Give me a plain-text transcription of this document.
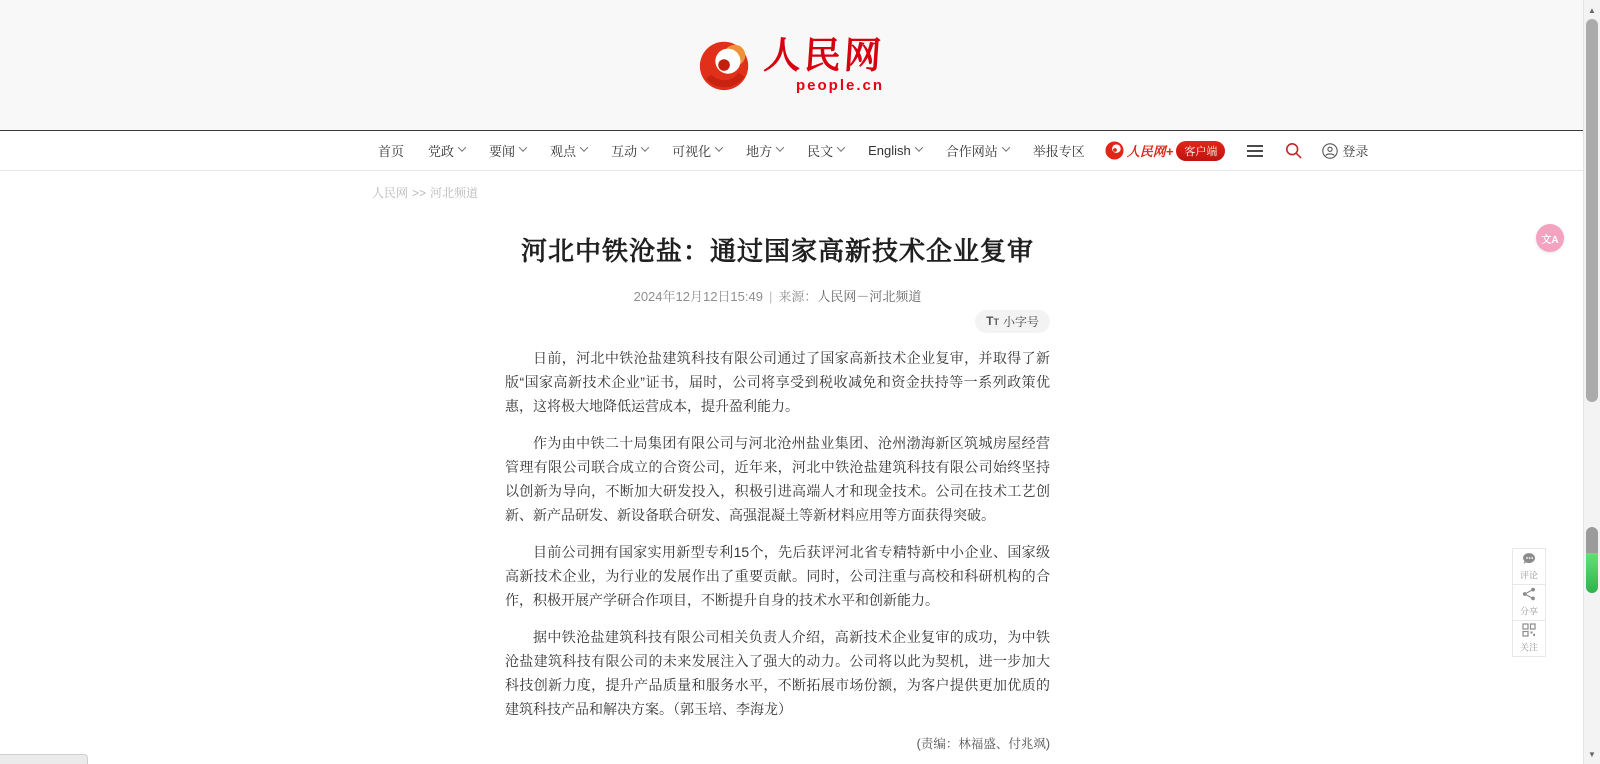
人民网
people.cn
首页 党政	要闻	观点	互动	可视化	地方	民文	English	合作网站	举报专区	人民网+	客户端	登录
人民网 >> 河北频道
河北中铁沧盐：通过国家高新技术企业复审
2024年12月12日15:49 | 来源：人民网－河北频道
TT 小字号

日前，河北中铁沧盐建筑科技有限公司通过了国家高新技术企业复审，并取得了新版“国家高新技术企业”证书，届时，公司将享受到税收减免和资金扶持等一系列政策优惠，这将极大地降低运营成本，提升盈利能力。

作为由中铁二十局集团有限公司与河北沧州盐业集团、沧州渤海新区筑城房屋经营管理有限公司联合成立的合资公司，近年来，河北中铁沧盐建筑科技有限公司始终坚持以创新为导向，不断加大研发投入，积极引进高端人才和现金技术。公司在技术工艺创新、新产品研发、新设备联合研发、高强混凝土等新材料应用等方面获得突破。

目前公司拥有国家实用新型专利15个，先后获评河北省专精特新中小企业、国家级高新技术企业，为行业的发展作出了重要贡献。同时，公司注重与高校和科研机构的合作，积极开展产学研合作项目，不断提升自身的技术水平和创新能力。

据中铁沧盐建筑科技有限公司相关负责人介绍，高新技术企业复审的成功，为中铁沧盐建筑科技有限公司的未来发展注入了强大的动力。公司将以此为契机，进一步加大科技创新力度，提升产品质量和服务水平，不断拓展市场份额，为客户提供更加优质的建筑科技产品和解决方案。（郭玉培、李海龙）

(责编：林福盛、付兆飒)
评论
分享
关注
文A
▲
▼
